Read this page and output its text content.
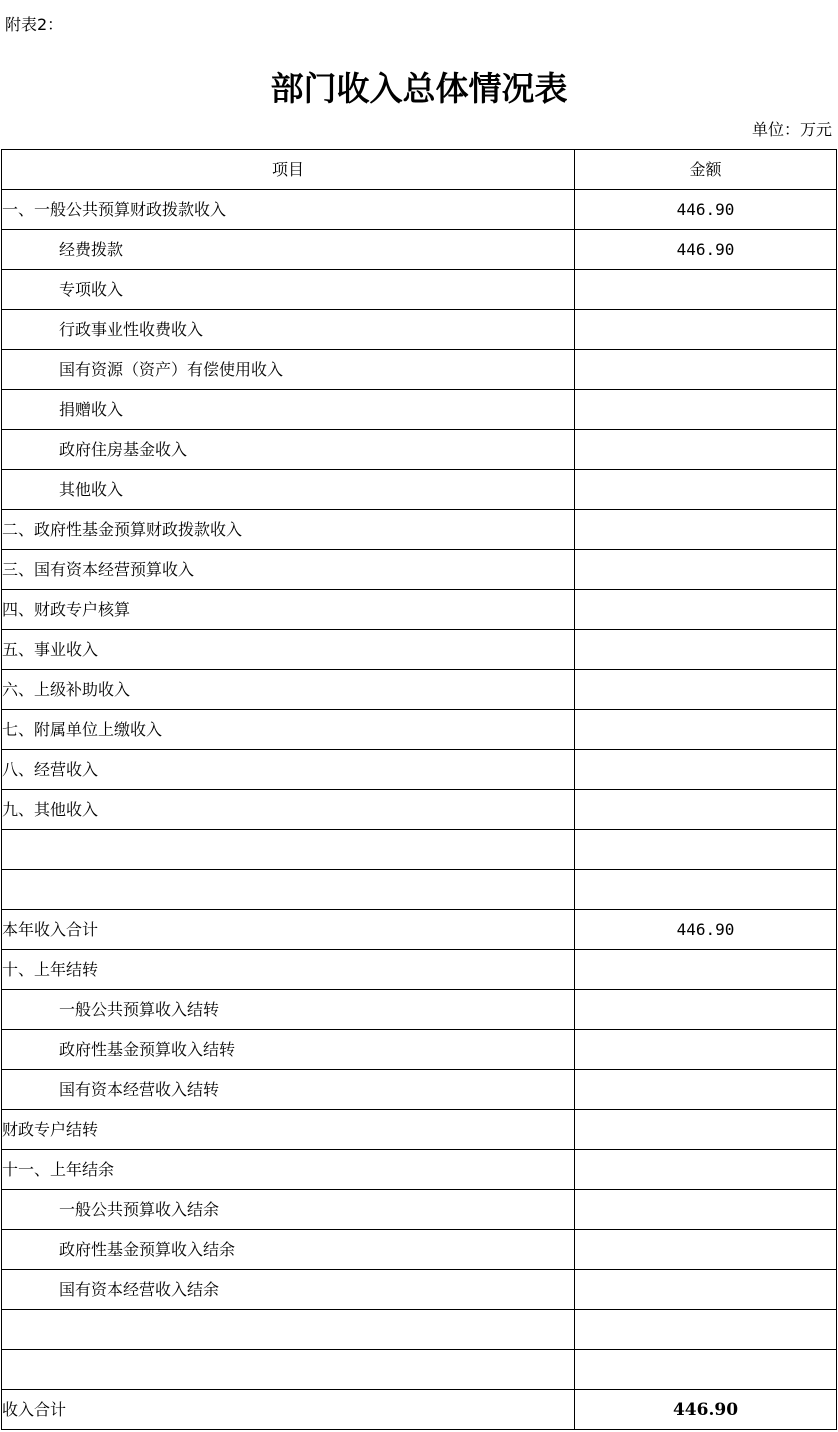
附表2：
部门收入总体情况表
单位：万元
项目	金额
一、一般公共预算财政拨款收入	446.90
经费拨款	446.90
专项收入	
行政事业性收费收入	
国有资源（资产）有偿使用收入	
捐赠收入	
政府住房基金收入	
其他收入	
二、政府性基金预算财政拨款收入	
三、国有资本经营预算收入	
四、财政专户核算	
五、事业收入	
六、上级补助收入	
七、附属单位上缴收入	
八、经营收入	
九、其他收入	

本年收入合计	446.90
十、上年结转	
一般公共预算收入结转	
政府性基金预算收入结转	
国有资本经营收入结转	
财政专户结转	
十一、上年结余	
一般公共预算收入结余	
政府性基金预算收入结余	
国有资本经营收入结余	

收入合计	446.90
